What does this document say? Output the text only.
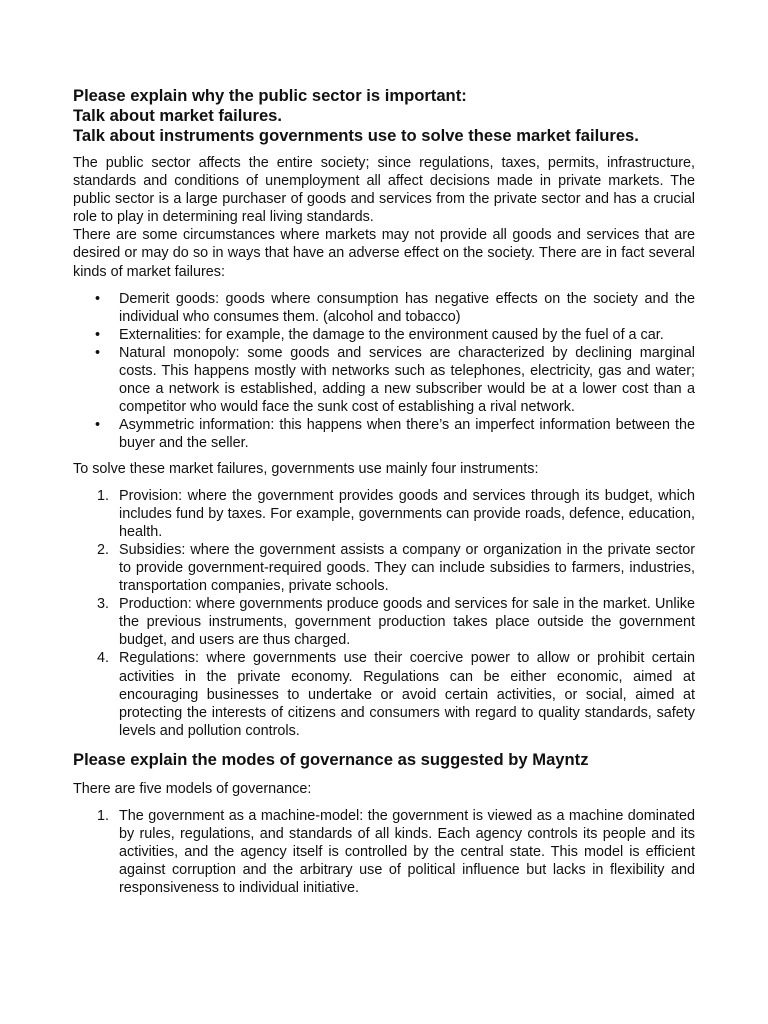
Please explain why the public sector is important:

Talk about market failures.

Talk about instruments governments use to solve these market failures.

The public sector affects the entire society; since regulations, taxes, permits, infrastructure, standards and conditions of unemployment all affect decisions made in private markets. The public sector is a large purchaser of goods and services from the private sector and has a crucial role to play in determining real living standards.

There are some circumstances where markets may not provide all goods and services that are desired or may do so in ways that have an adverse effect on the society. There are in fact several kinds of market failures:

• Demerit goods: goods where consumption has negative effects on the society and the individual who consumes them. (alcohol and tobacco)
• Externalities: for example, the damage to the environment caused by the fuel of a car.
• Natural monopoly: some goods and services are characterized by declining marginal costs. This happens mostly with networks such as telephones, electricity, gas and water; once a network is established, adding a new subscriber would be at a lower cost than a competitor who would face the sunk cost of establishing a rival network.
• Asymmetric information: this happens when there’s an imperfect information between the buyer and the seller.

To solve these market failures, governments use mainly four instruments:

1. Provision: where the government provides goods and services through its budget, which includes fund by taxes. For example, governments can provide roads, defence, education, health.
2. Subsidies: where the government assists a company or organization in the private sector to provide government-required goods. They can include subsidies to farmers, industries, transportation companies, private schools.
3. Production: where governments produce goods and services for sale in the market. Unlike the previous instruments, government production takes place outside the government budget, and users are thus charged.
4. Regulations: where governments use their coercive power to allow or prohibit certain activities in the private economy. Regulations can be either economic, aimed at encouraging businesses to undertake or avoid certain activities, or social, aimed at protecting the interests of citizens and consumers with regard to quality standards, safety levels and pollution controls.

Please explain the modes of governance as suggested by Mayntz

There are five models of governance:

1. The government as a machine-model: the government is viewed as a machine dominated by rules, regulations, and standards of all kinds. Each agency controls its people and its activities, and the agency itself is controlled by the central state. This model is efficient against corruption and the arbitrary use of political influence but lacks in flexibility and responsiveness to individual initiative.
